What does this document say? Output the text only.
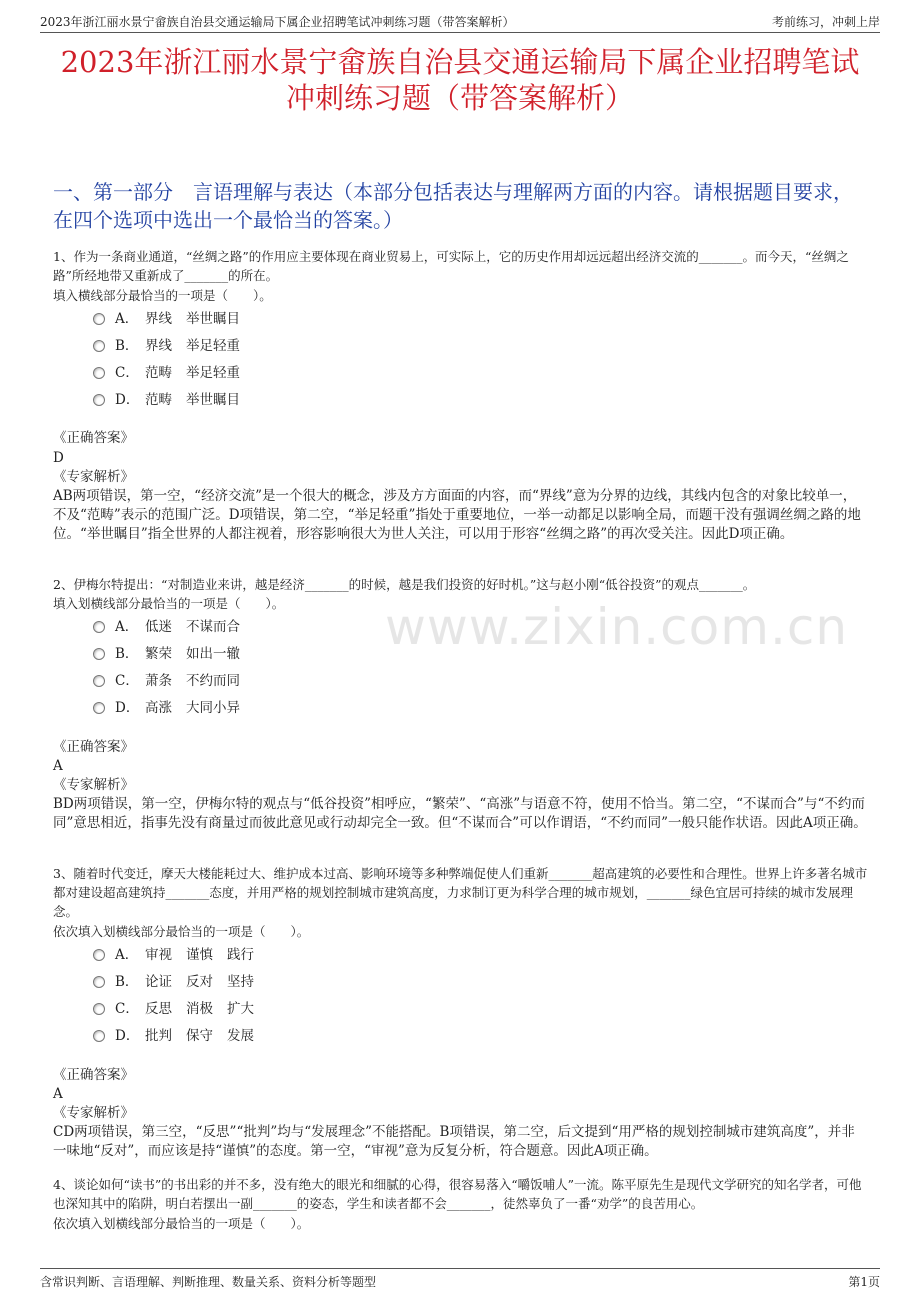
2023年浙江丽水景宁畲族自治县交通运输局下属企业招聘笔试冲刺练习题（带答案解析）	考前练习，冲刺上岸
2023年浙江丽水景宁畲族自治县交通运输局下属企业招聘笔试
冲刺练习题（带答案解析）
一、第一部分　言语理解与表达（本部分包括表达与理解两方面的内容。请根据题目要求，在四个选项中选出一个最恰当的答案。）
www.zixin.com.cn
1、作为一条商业通道，“丝绸之路”的作用应主要体现在商业贸易上，可实际上，它的历史作用却远远超出经济交流的_______。而今天，“丝绸之路”所经地带又重新成了_______的所在。
填入横线部分最恰当的一项是（　　）。
A． 界线 举世瞩目
B． 界线 举足轻重
C． 范畴 举足轻重
D． 范畴 举世瞩目
《正确答案》
D
《专家解析》
AB两项错误，第一空，“经济交流”是一个很大的概念，涉及方方面面的内容，而“界线”意为分界的边线，其线内包含的对象比较单一，不及“范畴”表示的范围广泛。D项错误，第二空，“举足轻重”指处于重要地位，一举一动都足以影响全局，而题干没有强调丝绸之路的地位。“举世瞩目”指全世界的人都注视着，形容影响很大为世人关注，可以用于形容“丝绸之路”的再次受关注。因此D项正确。
2、伊梅尔特提出：“对制造业来讲，越是经济_______的时候，越是我们投资的好时机。”这与赵小刚“低谷投资”的观点_______。
填入划横线部分最恰当的一项是（　　）。
A． 低迷 不谋而合
B． 繁荣 如出一辙
C． 萧条 不约而同
D． 高涨 大同小异
《正确答案》
A
《专家解析》
BD两项错误，第一空，伊梅尔特的观点与“低谷投资”相呼应，“繁荣”、“高涨”与语意不符，使用不恰当。第二空，“不谋而合”与“不约而同”意思相近，指事先没有商量过而彼此意见或行动却完全一致。但“不谋而合”可以作谓语，“不约而同”一般只能作状语。因此A项正确。
3、随着时代变迁，摩天大楼能耗过大、维护成本过高、影响环境等多种弊端促使人们重新_______超高建筑的必要性和合理性。世界上许多著名城市都对建设超高建筑持_______态度，并用严格的规划控制城市建筑高度，力求制订更为科学合理的城市规划，_______绿色宜居可持续的城市发展理念。
依次填入划横线部分最恰当的一项是（　　）。
A． 审视 谨慎 践行
B． 论证 反对 坚持
C． 反思 消极 扩大
D． 批判 保守 发展
《正确答案》
A
《专家解析》
CD两项错误，第三空，“反思”“批判”均与“发展理念”不能搭配。B项错误，第二空，后文提到“用严格的规划控制城市建筑高度”，并非一味地“反对”，而应该是持“谨慎”的态度。第一空，“审视”意为反复分析，符合题意。因此A项正确。
4、谈论如何“读书”的书出彩的并不多，没有绝大的眼光和细腻的心得，很容易落入“嚼饭哺人”一流。陈平原先生是现代文学研究的知名学者，可他也深知其中的陷阱，明白若摆出一副_______的姿态，学生和读者都不会_______，徒然辜负了一番“劝学”的良苦用心。
依次填入划横线部分最恰当的一项是（　　）。
含常识判断、言语理解、判断推理、数量关系、资料分析等题型	第1页
